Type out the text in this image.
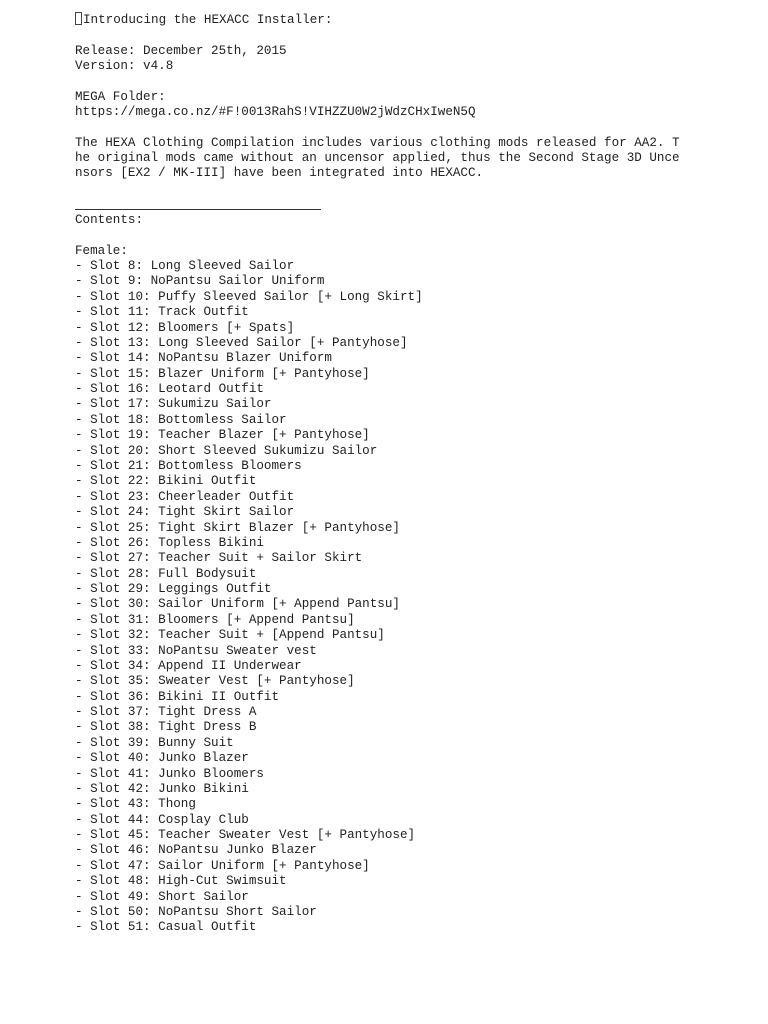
Introducing the HEXACC Installer:
Release: December 25th, 2015
Version: v4.8
MEGA Folder:
https://mega.co.nz/#F!0013RahS!VIHZZU0W2jWdzCHxIweN5Q
The HEXA Clothing Compilation includes various clothing mods released for AA2. T
he original mods came without an uncensor applied, thus the Second Stage 3D Unce
nsors [EX2 / MK-III] have been integrated into HEXACC.
Contents:
Female:
- Slot 8: Long Sleeved Sailor
- Slot 9: NoPantsu Sailor Uniform
- Slot 10: Puffy Sleeved Sailor [+ Long Skirt]
- Slot 11: Track Outfit
- Slot 12: Bloomers [+ Spats]
- Slot 13: Long Sleeved Sailor [+ Pantyhose]
- Slot 14: NoPantsu Blazer Uniform
- Slot 15: Blazer Uniform [+ Pantyhose]
- Slot 16: Leotard Outfit
- Slot 17: Sukumizu Sailor
- Slot 18: Bottomless Sailor
- Slot 19: Teacher Blazer [+ Pantyhose]
- Slot 20: Short Sleeved Sukumizu Sailor
- Slot 21: Bottomless Bloomers
- Slot 22: Bikini Outfit
- Slot 23: Cheerleader Outfit
- Slot 24: Tight Skirt Sailor
- Slot 25: Tight Skirt Blazer [+ Pantyhose]
- Slot 26: Topless Bikini
- Slot 27: Teacher Suit + Sailor Skirt
- Slot 28: Full Bodysuit
- Slot 29: Leggings Outfit
- Slot 30: Sailor Uniform [+ Append Pantsu]
- Slot 31: Bloomers [+ Append Pantsu]
- Slot 32: Teacher Suit + [Append Pantsu]
- Slot 33: NoPantsu Sweater vest
- Slot 34: Append II Underwear
- Slot 35: Sweater Vest [+ Pantyhose]
- Slot 36: Bikini II Outfit
- Slot 37: Tight Dress A
- Slot 38: Tight Dress B
- Slot 39: Bunny Suit
- Slot 40: Junko Blazer
- Slot 41: Junko Bloomers
- Slot 42: Junko Bikini
- Slot 43: Thong
- Slot 44: Cosplay Club
- Slot 45: Teacher Sweater Vest [+ Pantyhose]
- Slot 46: NoPantsu Junko Blazer
- Slot 47: Sailor Uniform [+ Pantyhose]
- Slot 48: High-Cut Swimsuit
- Slot 49: Short Sailor
- Slot 50: NoPantsu Short Sailor
- Slot 51: Casual Outfit
